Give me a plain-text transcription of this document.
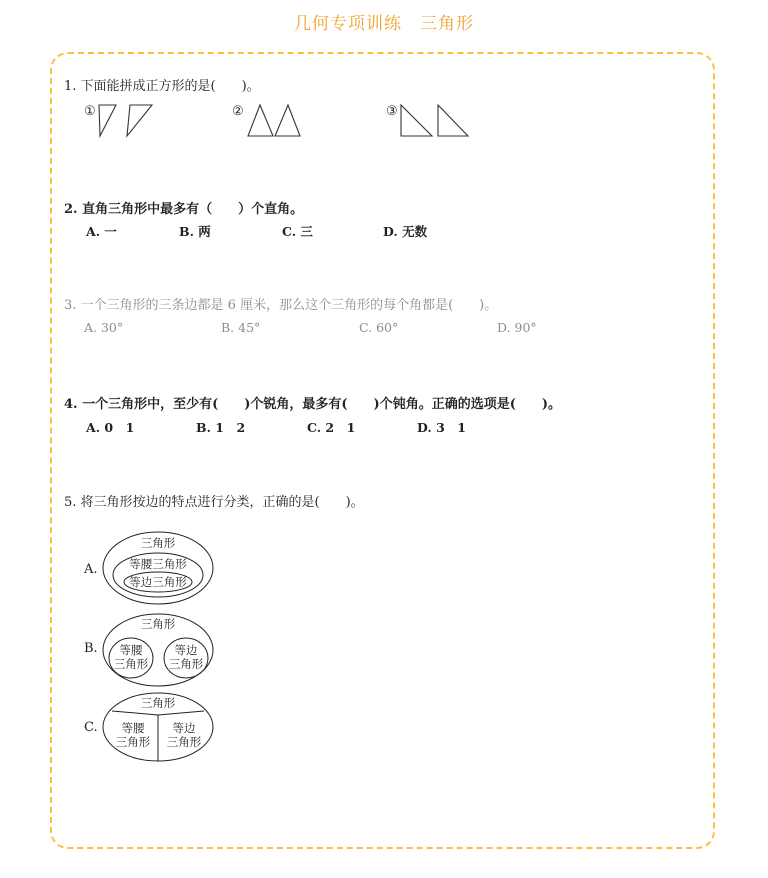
几何专项训练 三角形
1. 下面能拼成正方形的是(　　)。
①	②	③
2. 直角三角形中最多有（　　）个直角。
A. 一	B. 两	C. 三	D. 无数
3. 一个三角形的三条边都是 6 厘米，那么这个三角形的每个角都是(　　)。
A. 30°	B. 45°	C. 60°	D. 90°
4. 一个三角形中，至少有(　　)个锐角，最多有(　　)个钝角。正确的选项是(　　)。
A. 0　1	B. 1　2	C. 2　1	D. 3　1
5. 将三角形按边的特点进行分类，正确的是(　　)。
A.
三角形
等腰三角形
等边三角形
B.
三角形
等腰
三角形
等边
三角形
C.
三角形
等腰
三角形
等边
三角形
